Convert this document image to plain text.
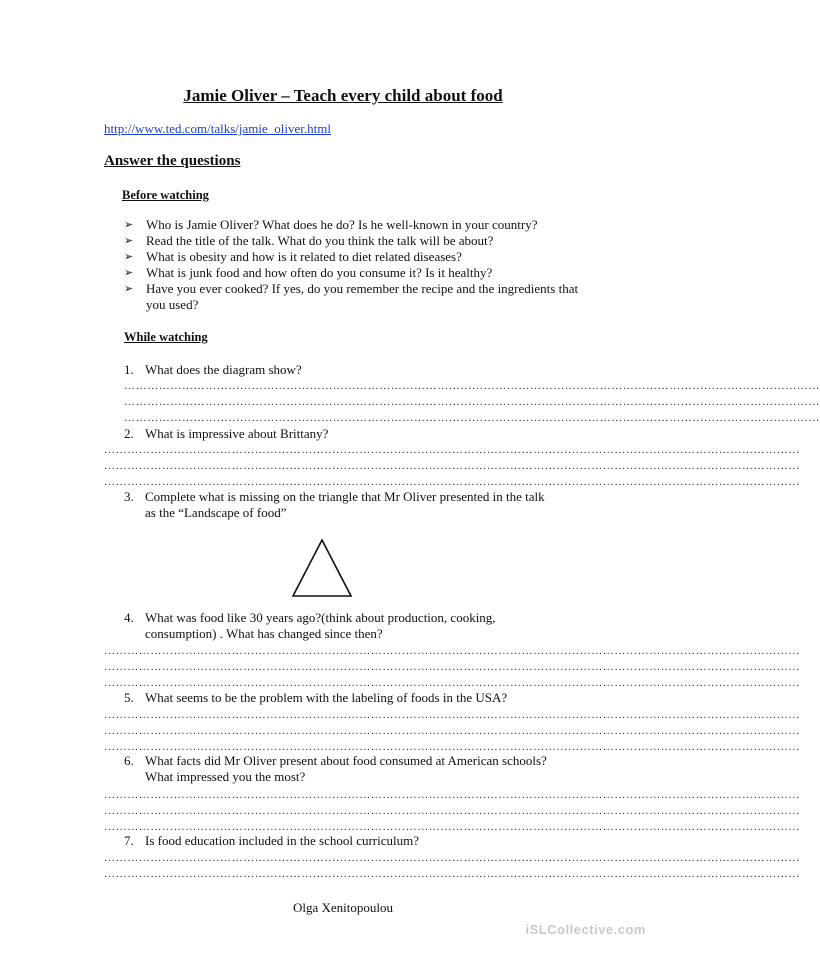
Jamie Oliver – Teach every child about food
http://www.ted.com/talks/jamie_oliver.html
Answer the questions
Before watching
➢ Who is Jamie Oliver? What does he do? Is he well-known in your country?
➢ Read the title of the talk. What do you think the talk will be about?
➢ What is obesity and how is it related to diet related diseases?
➢ What is junk food and how often do you consume it? Is it healthy?
➢ Have you ever cooked? If yes, do you remember the recipe and the ingredients that you used?
While watching
1. What does the diagram show?
………………………………………………………………………………………………………………………………………………………………
………………………………………………………………………………………………………………………………………………………………
………………………………………………………………………………………………………………………………………………………………
2. What is impressive about Brittany?
………………………………………………………………………………………………………………………………………………………………
………………………………………………………………………………………………………………………………………………………………
………………………………………………………………………………………………………………………………………………………………
3. Complete what is missing on the triangle that Mr Oliver presented in the talk
as the “Landscape of food”
4. What was food like 30 years ago?(think about production, cooking,
consumption) . What has changed since then?
………………………………………………………………………………………………………………………………………………………………
………………………………………………………………………………………………………………………………………………………………
………………………………………………………………………………………………………………………………………………………………
5. What seems to be the problem with the labeling of foods in the USA?
………………………………………………………………………………………………………………………………………………………………
………………………………………………………………………………………………………………………………………………………………
………………………………………………………………………………………………………………………………………………………………
6. What facts did Mr Oliver present about food consumed at American schools?
What impressed you the most?
………………………………………………………………………………………………………………………………………………………………
………………………………………………………………………………………………………………………………………………………………
………………………………………………………………………………………………………………………………………………………………
7. Is food education included in the school curriculum?
………………………………………………………………………………………………………………………………………………………………
………………………………………………………………………………………………………………………………………………………………
Olga Xenitopoulou
iSLCollective.com
